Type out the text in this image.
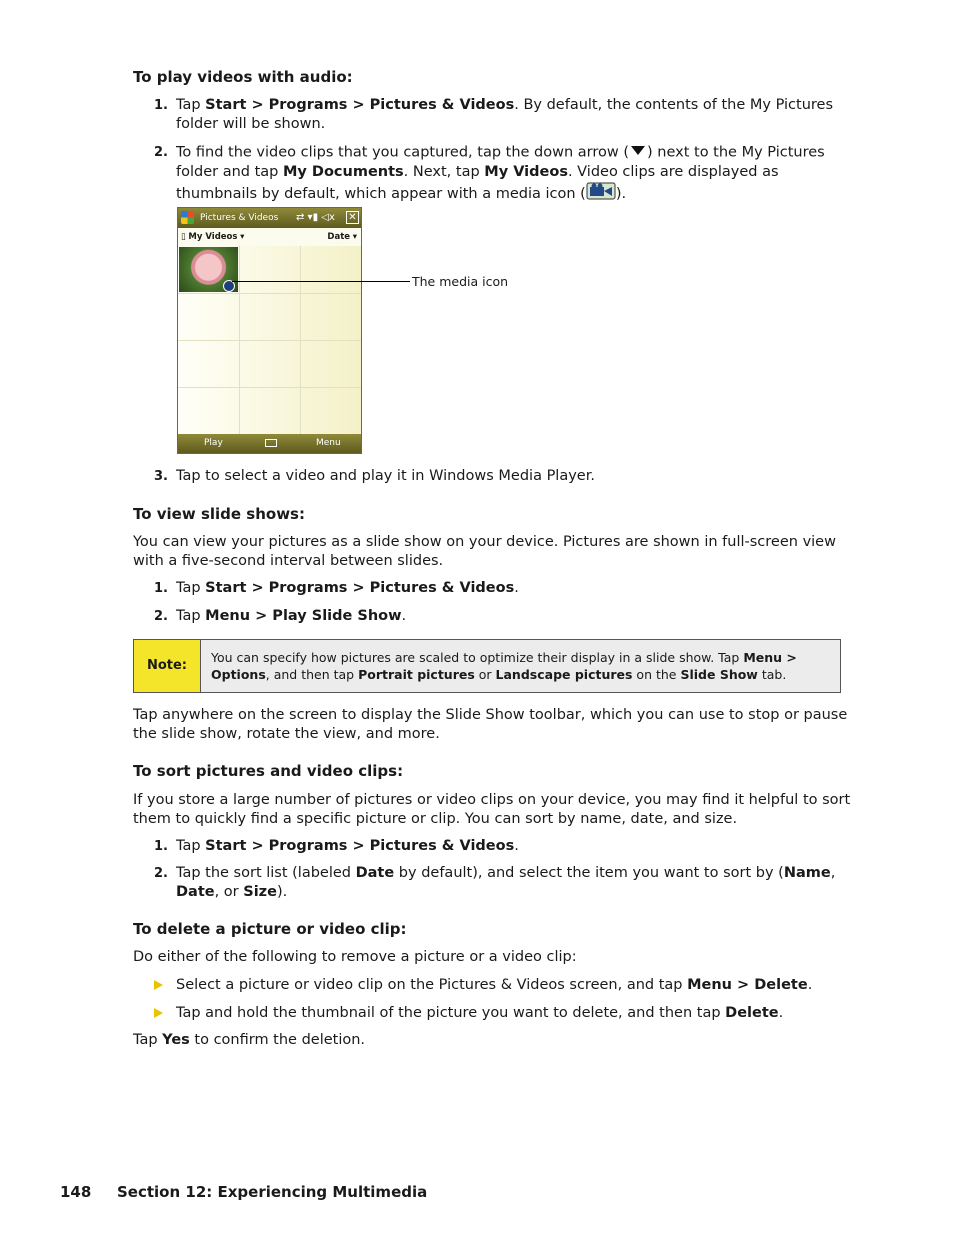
To play videos with audio:
1. Tap Start > Programs > Pictures & Videos. By default, the contents of the My Pictures folder will be shown.
2. To find the video clips that you captured, tap the down arrow ( ) next to the My Pictures folder and tap My Documents. Next, tap My Videos. Video clips are displayed as thumbnails by default, which appear with a media icon ( ).
Pictures & Videos ⇄ ▾▮ ◁x ✕
▯ My Videos ▾	Date ▾
Play	Menu
The media icon
3. Tap to select a video and play it in Windows Media Player.
To view slide shows:
You can view your pictures as a slide show on your device. Pictures are shown in full-screen view with a five-second interval between slides.
1. Tap Start > Programs > Pictures & Videos.
2. Tap Menu > Play Slide Show.
Note:
You can specify how pictures are scaled to optimize their display in a slide show. Tap Menu > Options, and then tap Portrait pictures or Landscape pictures on the Slide Show tab.
Tap anywhere on the screen to display the Slide Show toolbar, which you can use to stop or pause the slide show, rotate the view, and more.
To sort pictures and video clips:
If you store a large number of pictures or video clips on your device, you may find it helpful to sort them to quickly find a specific picture or clip. You can sort by name, date, and size.
1. Tap Start > Programs > Pictures & Videos.
2. Tap the sort list (labeled Date by default), and select the item you want to sort by (Name, Date, or Size).
To delete a picture or video clip:
Do either of the following to remove a picture or a video clip:
Select a picture or video clip on the Pictures & Videos screen, and tap Menu > Delete.
Tap and hold the thumbnail of the picture you want to delete, and then tap Delete.
Tap Yes to confirm the deletion.
148 Section 12: Experiencing Multimedia
